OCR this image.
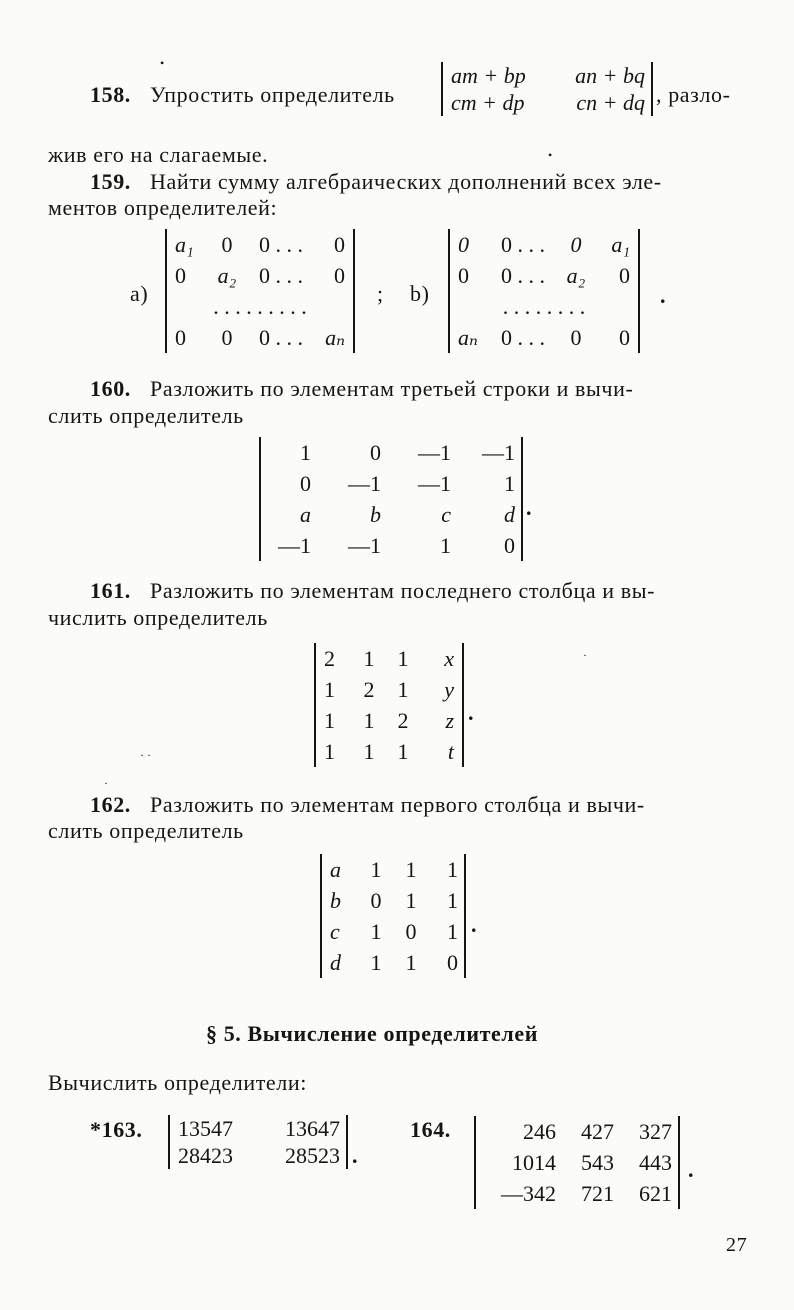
158. Упростить определитель
am + bp	an + bq
cm + dp	cn + dq , разло-
жив его на слагаемые.
159. Найти сумму алгебраических дополнений всех эле-
ментов определителей:
a)
a₁	0	0 . . .	0
0	a₂	0 . . .	0
. . . . . . . . .			
0	0	0 . . .	aₙ
; b)
0	0 . . .	0	a₁
0	0 . . .	a₂	0
. . . . . . . .			
aₙ	0 . . .	0	0
.
160. Разложить по элементам третьей строки и вычи-
слить определитель
1	0	—1	—1
0	—1	—1	1
a	b	c	d
—1	—1	1	0
.
161. Разложить по элементам последнего столбца и вы-
числить определитель
2	1	1	x
1	2	1	y
1	1	2	z
1	1	1	t
.
162. Разложить по элементам первого столбца и вычи-
слить определитель
a	1	1	1
b	0	1	1
c	1	0	1
d	1	1	0
.
§ 5. Вычисление определителей
Вычислить определители:
*163. 13547	13647
28423	28523 .
164.	246	427	327
1014	543	443
—342	721	621
.
27
•
•
· ·
·
·
